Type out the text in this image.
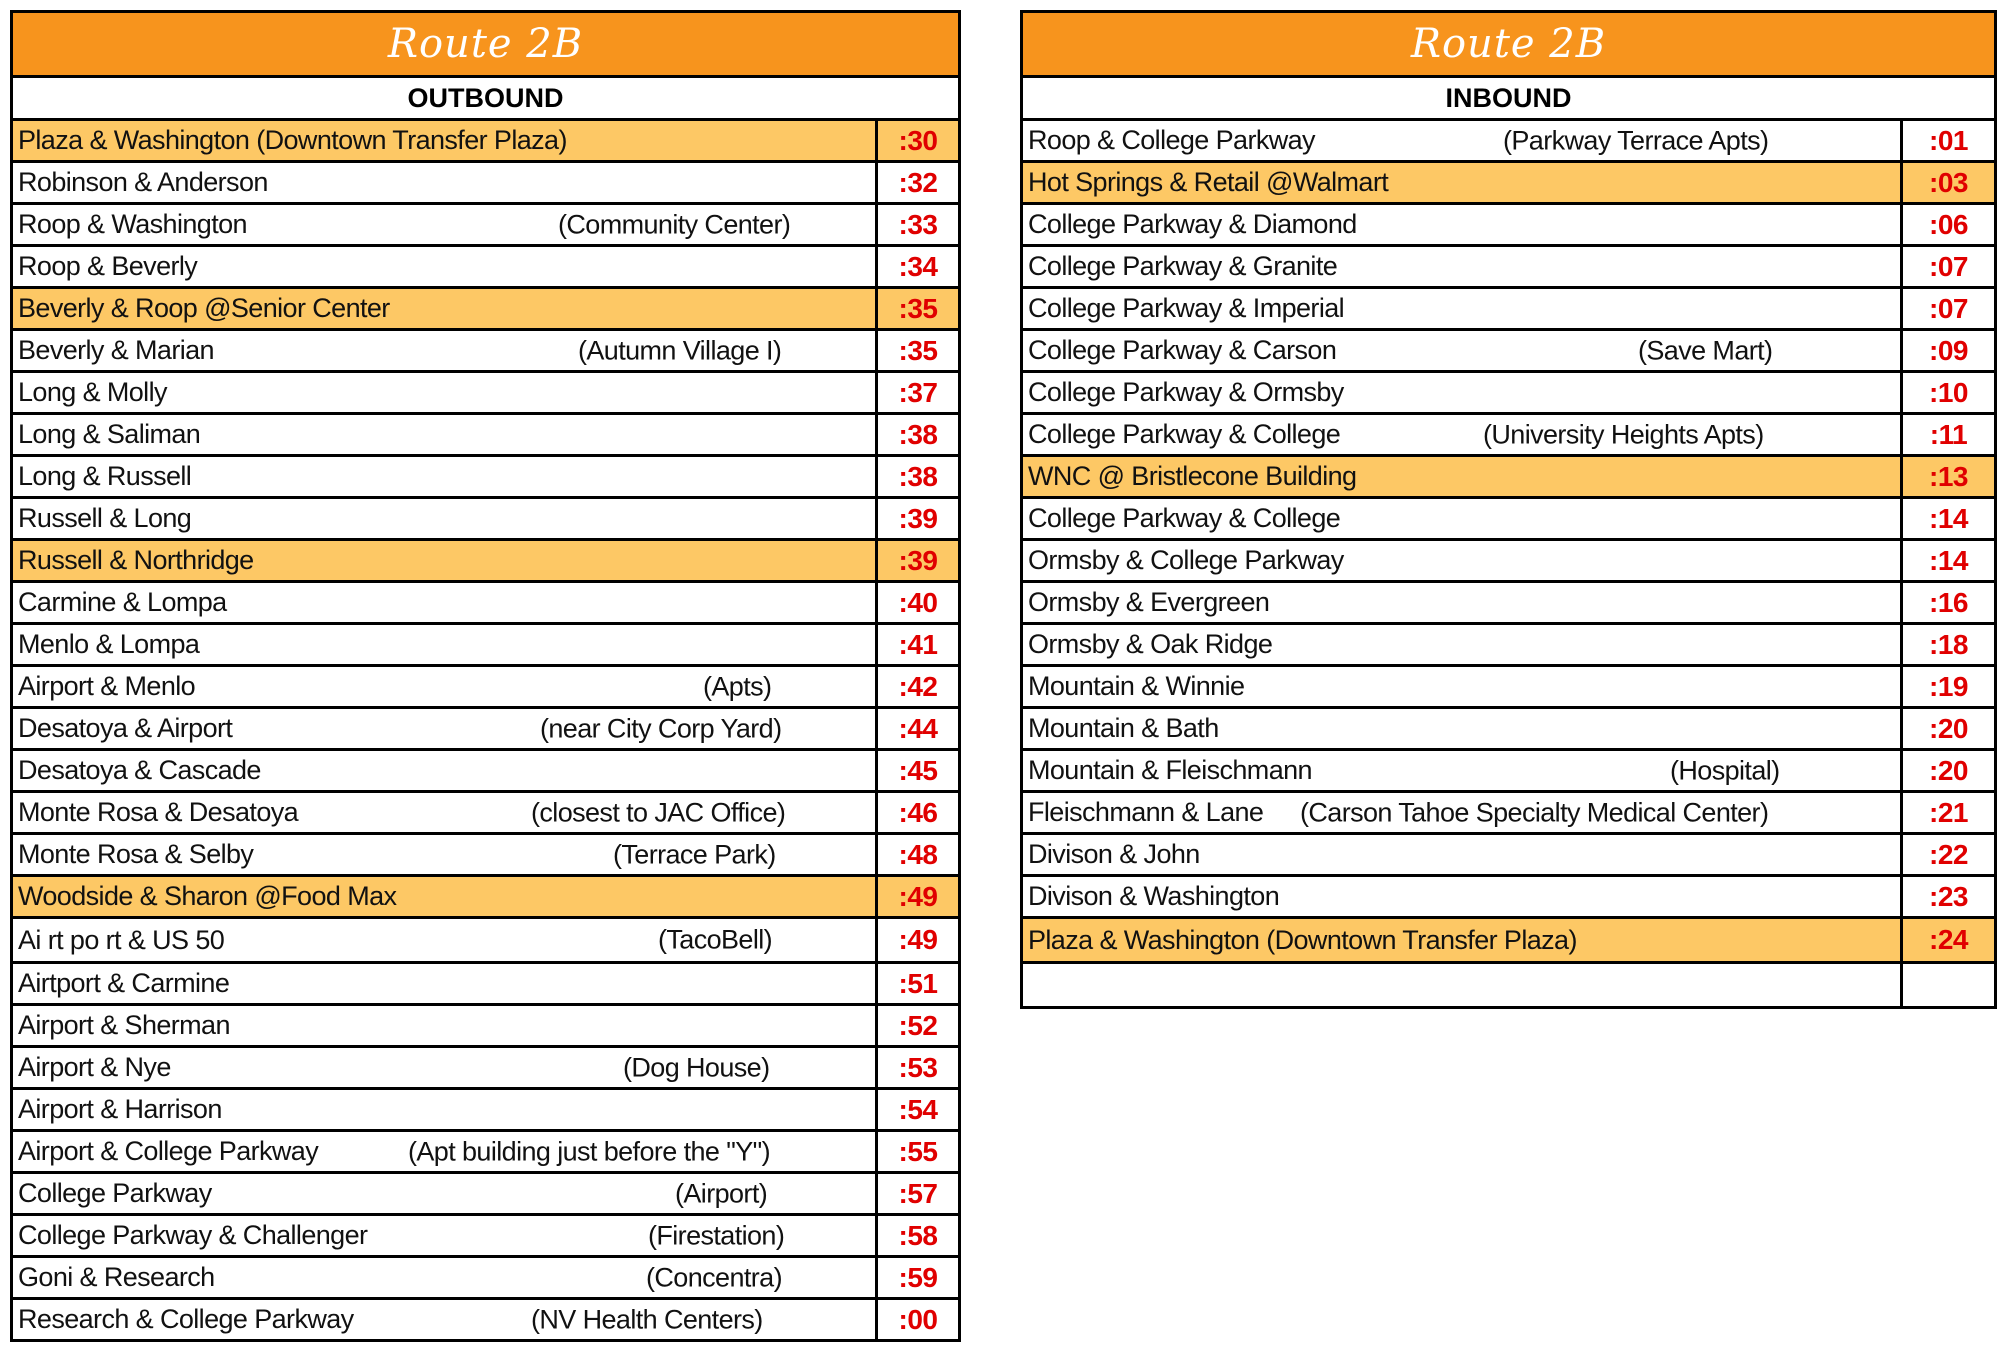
Route 2B
OUTBOUND
Plaza & Washington (Downtown Transfer Plaza)	:30
Robinson & Anderson	:32
Roop & Washington	(Community Center)	:33
Roop & Beverly	:34
Beverly & Roop @Senior Center	:35
Beverly & Marian	(Autumn Village I)	:35
Long & Molly	:37
Long & Saliman	:38
Long & Russell	:38
Russell & Long	:39
Russell & Northridge	:39
Carmine & Lompa	:40
Menlo & Lompa	:41
Airport & Menlo	(Apts)	:42
Desatoya & Airport	(near City Corp Yard)	:44
Desatoya & Cascade	:45
Monte Rosa & Desatoya	(closest to JAC Office)	:46
Monte Rosa & Selby	(Terrace Park)	:48
Woodside & Sharon @Food Max	:49
Ai rt po rt & US 50	(TacoBell)	:49
Airtport & Carmine	:51
Airport & Sherman	:52
Airport & Nye	(Dog House)	:53
Airport & Harrison	:54
Airport & College Parkway	(Apt building just before the "Y")	:55
College Parkway	(Airport)	:57
College Parkway & Challenger	(Firestation)	:58
Goni & Research	(Concentra)	:59
Research & College Parkway	(NV Health Centers)	:00
Route 2B
INBOUND
Roop & College Parkway	(Parkway Terrace Apts)	:01
Hot Springs & Retail @Walmart	:03
College Parkway & Diamond	:06
College Parkway & Granite	:07
College Parkway & Imperial	:07
College Parkway & Carson	(Save Mart)	:09
College Parkway & Ormsby	:10
College Parkway & College	(University Heights Apts)	:11
WNC @ Bristlecone Building	:13
College Parkway & College	:14
Ormsby & College Parkway	:14
Ormsby & Evergreen	:16
Ormsby & Oak Ridge	:18
Mountain & Winnie	:19
Mountain & Bath	:20
Mountain & Fleischmann	(Hospital)	:20
Fleischmann & Lane (Carson Tahoe Specialty Medical Center)	:21
Divison & John	:22
Divison & Washington	:23
Plaza & Washington (Downtown Transfer Plaza)	:24
